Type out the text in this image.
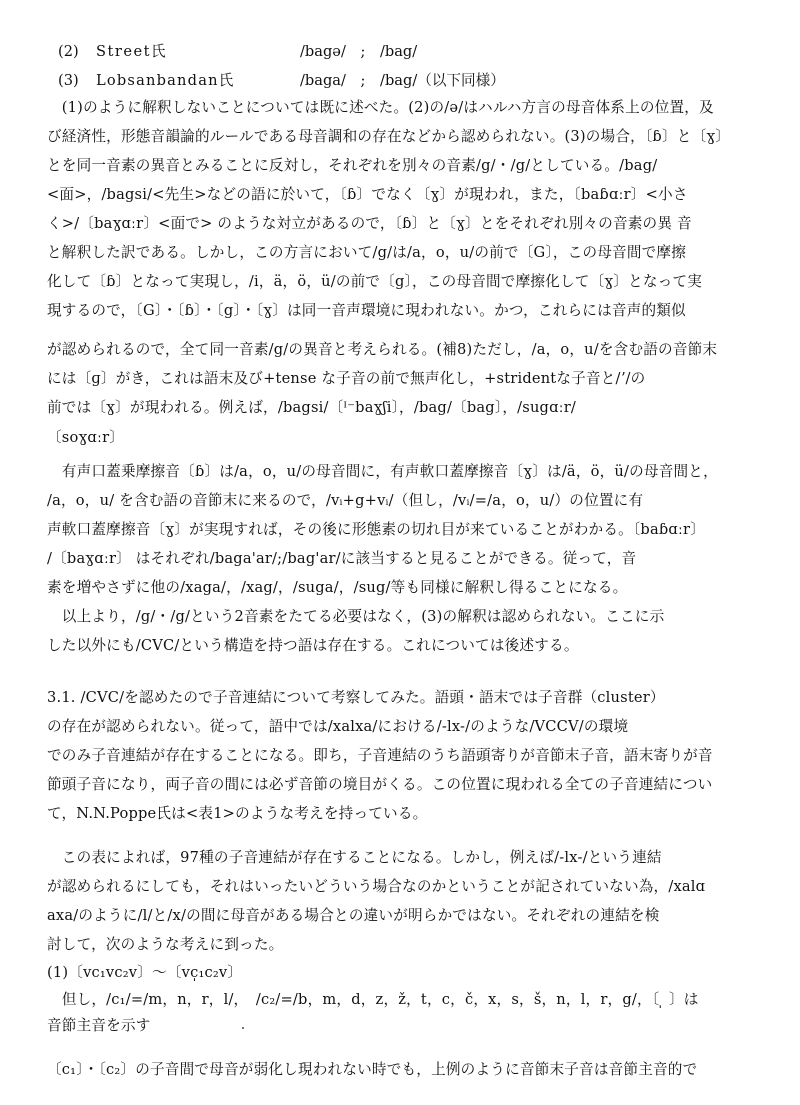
(2) Street氏	/bagə/　;　/bag/
(3) Lobsanbandan氏	/baga/　;　/bag/（以下同様）
　(1)のように解釈しないことについては既に述べた。(2)の/ə/はハルハ方言の母音体系上の位置，及
び経済性，形態音韻論的ルールである母音調和の存在などから認められない。(3)の場合，〔ɓ〕と〔ɣ〕
とを同一音素の異音とみることに反対し，それぞれを別々の音素/g/・/g/としている。/bag/
<面>，/bagsi/<先生>などの語に於いて，〔ɓ〕でなく〔ɣ〕が現われ，また，〔baɓɑːr〕<小さ
く>/〔baɣɑːr〕<面で> のような対立があるので，〔ɓ〕と〔ɣ〕とをそれぞれ別々の音素の異 音
と解釈した訳である。しかし，この方言において/g/は/a，o，u/の前で〔G〕，この母音間で摩擦
化して〔ɓ〕となって実現し，/i，ä，ö，ü/の前で〔g〕，この母音間で摩擦化して〔ɣ〕となって実
現するので，〔G〕・〔ɓ〕・〔g〕・〔ɣ〕は同一音声環境に現われない。かつ，これらには音声的類似
が認められるので，全て同一音素/g/の異音と考えられる。(補8)ただし，/a，o，u/を含む語の音節末
には〔ɡ〕がき，これは語末及び+tense な子音の前で無声化し，+stridentな子音と/ʼ/の
前では〔ɣ〕が現われる。例えば，/bagsi/〔ᴵ⁻baɣʃi〕，/bag/〔bag〕，/sugɑːr/
〔soɣɑːr〕
　有声口蓋乗摩擦音〔ɓ〕は/a，o，u/の母音間に，有声軟口蓋摩擦音〔ɣ〕は/ä，ö，ü/の母音間と，
/a，o，u/ を含む語の音節末に来るので，/vᵢ+g+vᵢ/（但し，/vᵢ/=/a，o，u/）の位置に有
声軟口蓋摩擦音〔ɣ〕が実現すれば，その後に形態素の切れ目が来ていることがわかる。〔baɓɑːr〕
/〔baɣɑːr〕 はそれぞれ/baga'ar/;/bag'ar/に該当すると見ることができる。従って，音
素を増やさずに他の/xaga/，/xag/，/suga/，/sug/等も同様に解釈し得ることになる。
　以上より，/g/・/g/という2音素をたてる必要はなく，(3)の解釈は認められない。ここに示
した以外にも/CVC/という構造を持つ語は存在する。これについては後述する。
3.1. /CVC/を認めたので子音連結について考察してみた。語頭・語末では子音群（cluster）
の存在が認められない。従って，語中では/xalxa/における/-lx-/のような/VCCV/の環境
でのみ子音連結が存在することになる。即ち，子音連結のうち語頭寄りが音節末子音，語末寄りが音
節頭子音になり，両子音の間には必ず音節の境目がくる。この位置に現われる全ての子音連結につい
て，N.N.Poppe氏は<表1>のような考えを持っている。
　この表によれば，97種の子音連結が存在することになる。しかし，例えば/-lx-/という連結
が認められるにしても，それはいったいどういう場合なのかということが記されていない為，/xalɑ
axa/のように/l/と/x/の間に母音がある場合との違いが明らかではない。それぞれの連結を検
討して，次のような考えに到った。
(1)〔vc₁vc₂v〕～〔vc̩₁c₂v〕
　但し，/c₁/=/m，n，r，l/，　/c₂/=/b，m，d，z，ž，t，c，č，x，s，š，n，l，r，g/，〔 ̩ 〕は
音節主音を示す
〔c₁〕・〔c₂〕の子音間で母音が弱化し現われない時でも，上例のように音節末子音は音節主音的で
